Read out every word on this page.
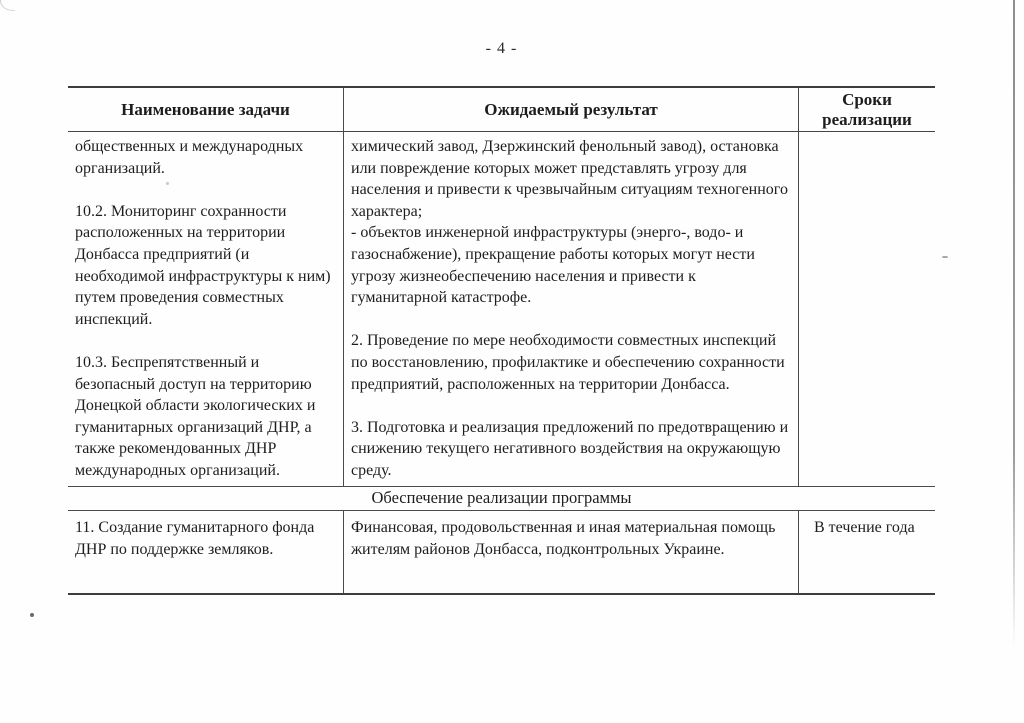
- 4 -
Наименование задачи	Ожидаемый результат
Сроки реализации

общественных и международных организаций.

10.2. Мониторинг сохранности расположенных на территории Донбасса предприятий (и необходимой инфраструктуры к ним) путем проведения совместных инспекций.

10.3. Беспрепятственный и безопасный доступ на территорию Донецкой области экологических и гуманитарных организаций ДНР, а также рекомендованных ДНР международных организаций.

химический завод, Дзержинский фенольный завод), остановка или повреждение которых может представлять угрозу для населения и привести к чрезвычайным ситуациям техногенного характера;

- объектов инженерной инфраструктуры (энерго-, водо- и газоснабжение), прекращение работы которых могут нести угрозу жизнеобеспечению населения и привести к гуманитарной катастрофе.

2. Проведение по мере необходимости совместных инспекций по восстановлению, профилактике и обеспечению сохранности предприятий, расположенных на территории Донбасса.

3. Подготовка и реализация предложений по предотвращению и снижению текущего негативного воздействия на окружающую среду.

Обеспечение реализации программы

11. Создание гуманитарного фонда ДНР по поддержке земляков.

Финансовая, продовольственная и иная материальная помощь жителям районов Донбасса, подконтрольных Украине.

В течение года
